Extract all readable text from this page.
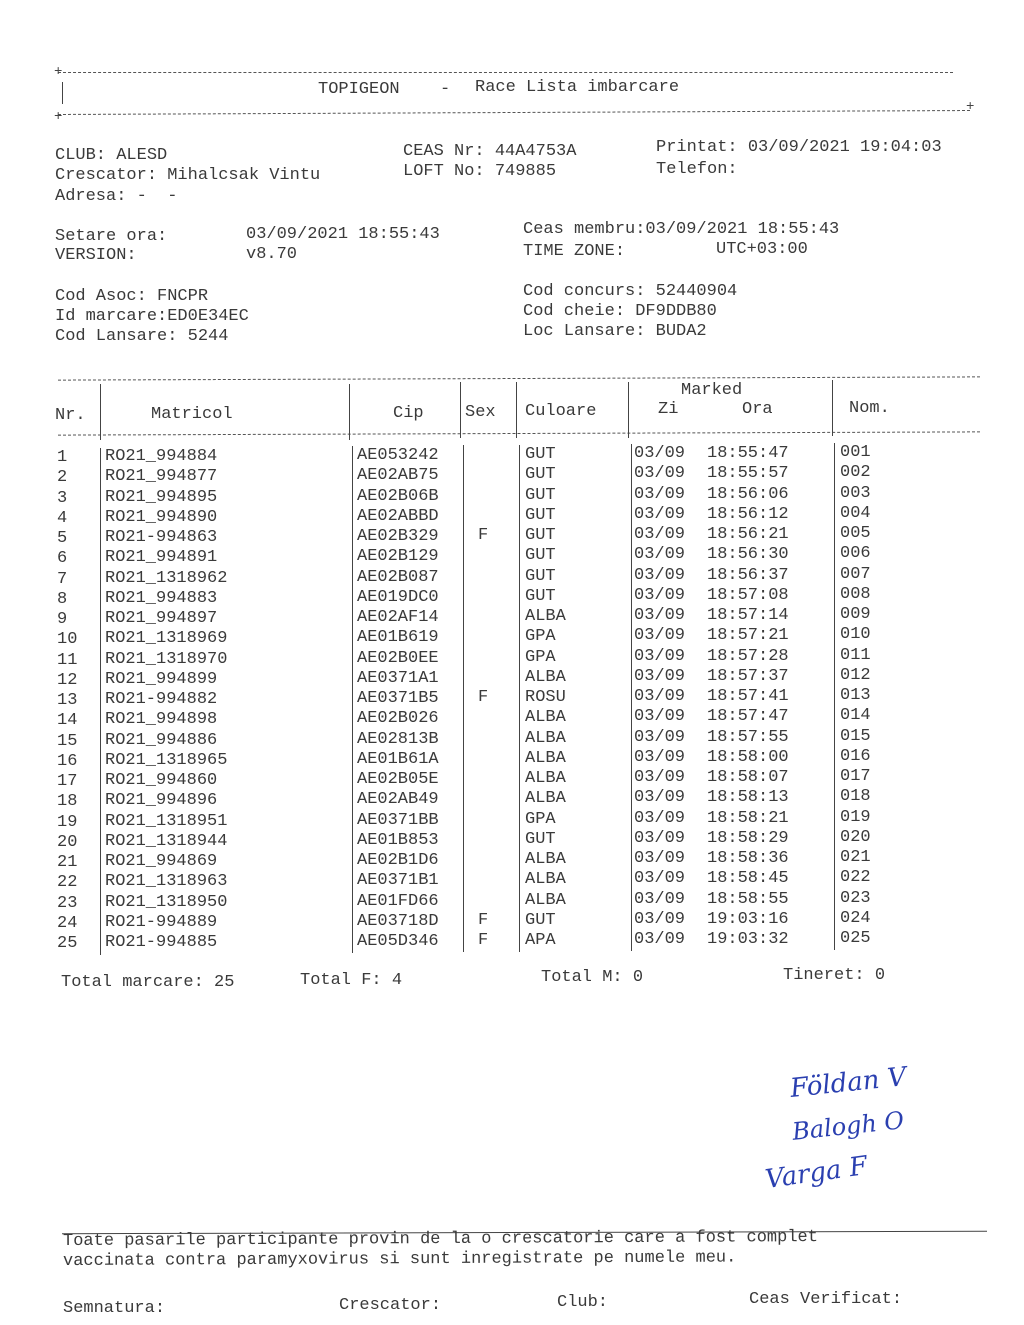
+
TOPIGEON - Race Lista imbarcare
+
+
CLUB: ALESD
Crescator: Mihalcsak Vintu
Adresa: -  -
CEAS Nr: 44A4753A
LOFT No: 749885
Printat: 03/09/2021 19:04:03
Telefon:
Setare ora:	03/09/2021 18:55:43
VERSION:	v8.70
Ceas membru:03/09/2021 18:55:43
TIME ZONE:	UTC+03:00
Cod Asoc: FNCPR
Id marcare:ED0E34EC
Cod Lansare: 5244
Cod concurs: 52440904
Cod cheie: DF9DDB80
Loc Lansare: BUDA2
Nr.	Matricol	Cip Sex Culoare
Marked
Zi	Ora	Nom.
1 RO21_994884	AE053242	GUT	03/09 18:55:47	001
2 RO21_994877	AE02AB75	GUT	03/09 18:55:57	002
3 RO21_994895	AE02B06B	GUT	03/09 18:56:06	003
4 RO21_994890	AE02ABBD	GUT	03/09 18:56:12	004
5 RO21-994863	AE02B329 F GUT	03/09 18:56:21	005
6 RO21_994891	AE02B129	GUT	03/09 18:56:30	006
7 RO21_1318962	AE02B087	GUT	03/09 18:56:37	007
8 RO21_994883	AE019DC0	GUT	03/09 18:57:08	008
9 RO21_994897	AE02AF14	ALBA	03/09 18:57:14	009
10 RO21_1318969	AE01B619	GPA	03/09 18:57:21	010
11 RO21_1318970	AE02B0EE	GPA	03/09 18:57:28	011
12 RO21_994899	AE0371A1	ALBA	03/09 18:57:37	012
13 RO21-994882	AE0371B5 F ROSU	03/09 18:57:41	013
14 RO21_994898	AE02B026	ALBA	03/09 18:57:47	014
15 RO21_994886	AE02813B	ALBA	03/09 18:57:55	015
16 RO21_1318965	AE01B61A	ALBA	03/09 18:58:00	016
17 RO21_994860	AE02B05E	ALBA	03/09 18:58:07	017
18 RO21_994896	AE02AB49	ALBA	03/09 18:58:13	018
19 RO21_1318951	AE0371BB	GPA	03/09 18:58:21	019
20 RO21_1318944	AE01B853	GUT	03/09 18:58:29	020
21 RO21_994869	AE02B1D6	ALBA	03/09 18:58:36	021
22 RO21_1318963	AE0371B1	ALBA	03/09 18:58:45	022
23 RO21_1318950	AE01FD66	ALBA	03/09 18:58:55	023
24 RO21-994889	AE03718D F GUT	03/09 19:03:16	024
25 RO21-994885	AE05D346 F APA	03/09 19:03:32	025
Total marcare: 25	Total F: 4	Total M: 0	Tineret: 0
Földan V
Balogh O
Varga F
Toate pasarile participante provin de la o crescatorie care a fost complet
vaccinata contra paramyxovirus si sunt inregistrate pe numele meu.
Semnatura:	Crescator:	Club:	Ceas Verificat:
